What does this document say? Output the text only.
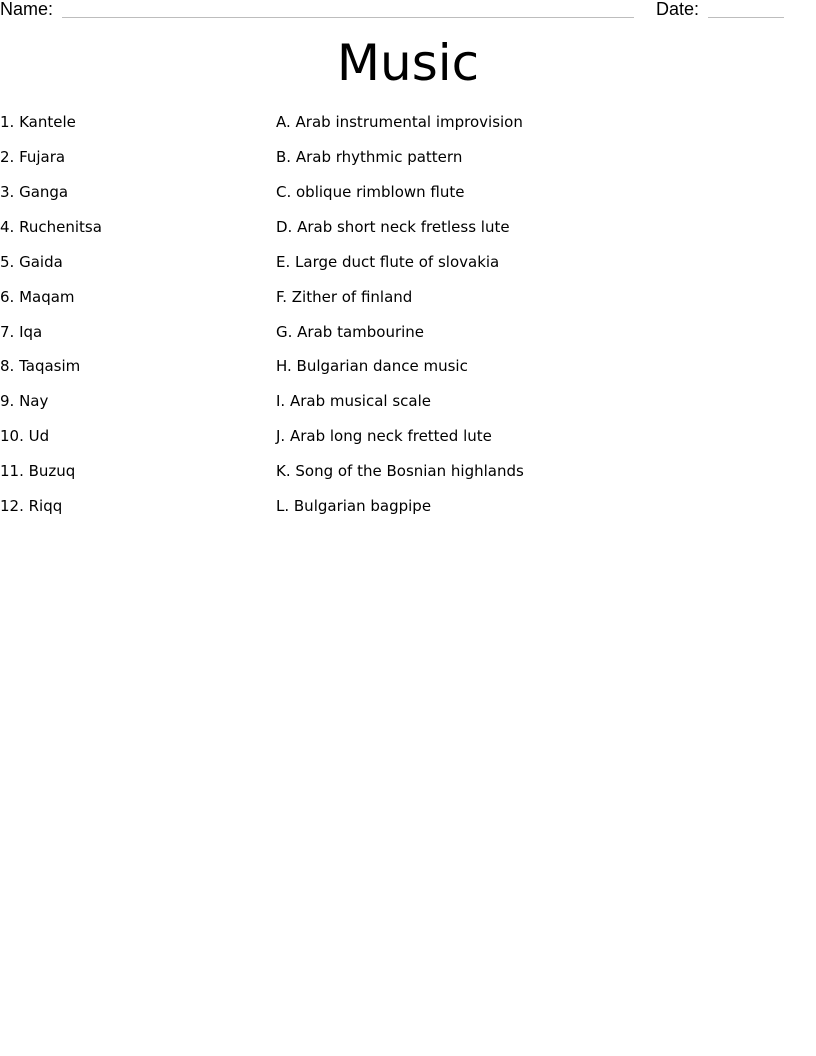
Name:	Date:
Music
1. Kantele	A. Arab instrumental improvision
2. Fujara	B. Arab rhythmic pattern
3. Ganga	C. oblique rimblown flute
4. Ruchenitsa	D. Arab short neck fretless lute
5. Gaida	E. Large duct flute of slovakia
6. Maqam	F. Zither of finland
7. Iqa	G. Arab tambourine
8. Taqasim	H. Bulgarian dance music
9. Nay	I. Arab musical scale
10. Ud	J. Arab long neck fretted lute
11. Buzuq	K. Song of the Bosnian highlands
12. Riqq	L. Bulgarian bagpipe
